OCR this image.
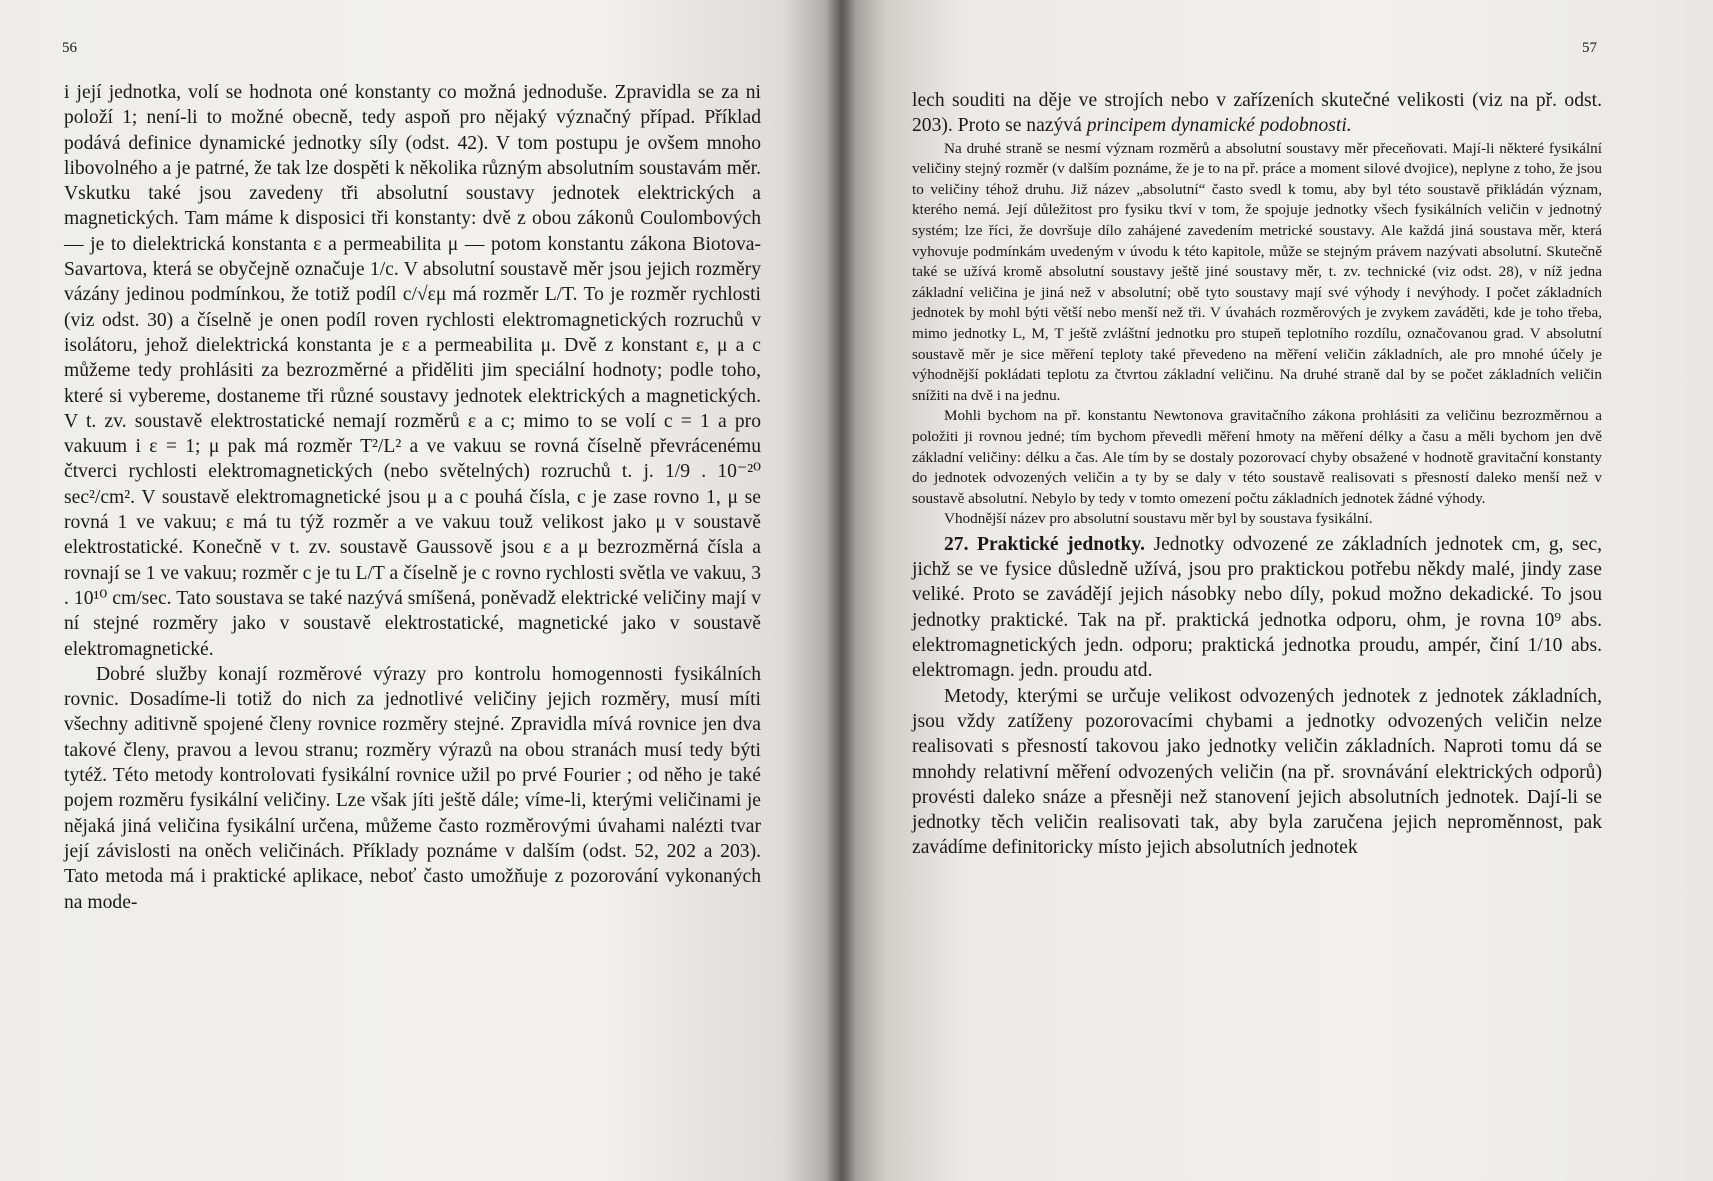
56

i její jednotka, volí se hodnota oné konstanty co možná jednoduše. Zpravidla se za ni položí 1; není-li to možné obecně, tedy aspoň pro nějaký význačný případ. Příklad podává definice dynamické jednotky síly (odst. 42). V tom postupu je ovšem mnoho libovolného a je patrné, že tak lze dospěti k několika různým absolutním soustavám měr. Vskutku také jsou zavedeny tři absolutní soustavy jednotek elektrických a magnetických. Tam máme k disposici tři konstanty: dvě z obou zákonů Coulombových — je to dielektrická konstanta ε a permeabilita μ — potom konstantu zákona Biotova-Savartova, která se obyčejně označuje 1/c. V absolutní soustavě měr jsou jejich rozměry vázány jedinou podmínkou, že totiž podíl c/√εμ má rozměr L/T. To je rozměr rychlosti (viz odst. 30) a číselně je onen podíl roven rychlosti elektromagnetických rozruchů v isolátoru, jehož dielektrická konstanta je ε a permeabilita μ. Dvě z konstant ε, μ a c můžeme tedy prohlásiti za bezrozměrné a přiděliti jim speciální hodnoty; podle toho, které si vybereme, dostaneme tři různé soustavy jednotek elektrických a magnetických. V t. zv. soustavě elektrostatické nemají rozměrů ε a c; mimo to se volí c = 1 a pro vakuum i ε = 1; μ pak má rozměr T²/L² a ve vakuu se rovná číselně převrácenému čtverci rychlosti elektromagnetických (nebo světelných) rozruchů t. j. 1/9 . 10⁻²⁰ sec²/cm². V soustavě elektromagnetické jsou μ a c pouhá čísla, c je zase rovno 1, μ se rovná 1 ve vakuu; ε má tu týž rozměr a ve vakuu touž velikost jako μ v soustavě elektrostatické. Konečně v t. zv. soustavě Gaussově jsou ε a μ bezrozměrná čísla a rovnají se 1 ve vakuu; rozměr c je tu L/T a číselně je c rovno rychlosti světla ve vakuu, 3 . 10¹⁰ cm/sec. Tato soustava se také nazývá smíšená, poněvadž elektrické veličiny mají v ní stejné rozměry jako v soustavě elektrostatické, magnetické jako v soustavě elektromagnetické.

Dobré služby konají rozměrové výrazy pro kontrolu homogennosti fysikálních rovnic. Dosadíme-li totiž do nich za jednotlivé veličiny jejich rozměry, musí míti všechny aditivně spojené členy rovnice rozměry stejné. Zpravidla mívá rovnice jen dva takové členy, pravou a levou stranu; rozměry výrazů na obou stranách musí tedy býti tytéž. Této metody kontrolovati fysikální rovnice užil po prvé Fourier ; od něho je také pojem rozměru fysikální veličiny. Lze však jíti ještě dále; víme-li, kterými veličinami je nějaká jiná veličina fysikální určena, můžeme často rozměrovými úvahami nalézti tvar její závislosti na oněch veličinách. Příklady poznáme v dalším (odst. 52, 202 a 203). Tato metoda má i praktické aplikace, neboť často umožňuje z pozorování vykonaných na mode-

57

lech souditi na děje ve strojích nebo v zařízeních skutečné velikosti (viz na př. odst. 203). Proto se nazývá principem dynamické podobnosti.

Na druhé straně se nesmí význam rozměrů a absolutní soustavy měr přeceňovati. Mají-li některé fysikální veličiny stejný rozměr (v dalším poznáme, že je to na př. práce a moment silové dvojice), neplyne z toho, že jsou to veličiny téhož druhu. Již název „absolutní“ často svedl k tomu, aby byl této soustavě přikládán význam, kterého nemá. Její důležitost pro fysiku tkví v tom, že spojuje jednotky všech fysikálních veličin v jednotný systém; lze říci, že dovršuje dílo zahájené zavedením metrické soustavy. Ale každá jiná soustava měr, která vyhovuje podmínkám uvedeným v úvodu k této kapitole, může se stejným právem nazývati absolutní. Skutečně také se užívá kromě absolutní soustavy ještě jiné soustavy měr, t. zv. technické (viz odst. 28), v níž jedna základní veličina je jiná než v absolutní; obě tyto soustavy mají své výhody i nevýhody. I počet základních jednotek by mohl býti větší nebo menší než tři. V úvahách rozměrových je zvykem zaváděti, kde je toho třeba, mimo jednotky L, M, T ještě zvláštní jednotku pro stupeň teplotního rozdílu, označovanou grad. V absolutní soustavě měr je sice měření teploty také převedeno na měření veličin základních, ale pro mnohé účely je výhodnější pokládati teplotu za čtvrtou základní veličinu. Na druhé straně dal by se počet základních veličin snížiti na dvě i na jednu.

Mohli bychom na př. konstantu Newtonova gravitačního zákona prohlásiti za veličinu bezrozměrnou a položiti ji rovnou jedné; tím bychom převedli měření hmoty na měření délky a času a měli bychom jen dvě základní veličiny: délku a čas. Ale tím by se dostaly pozorovací chyby obsažené v hodnotě gravitační konstanty do jednotek odvozených veličin a ty by se daly v této soustavě realisovati s přesností daleko menší než v soustavě absolutní. Nebylo by tedy v tomto omezení počtu základních jednotek žádné výhody.

Vhodnější název pro absolutní soustavu měr byl by soustava fysikální.

27. Praktické jednotky. Jednotky odvozené ze základních jednotek cm, g, sec, jichž se ve fysice důsledně užívá, jsou pro praktickou potřebu někdy malé, jindy zase veliké. Proto se zavádějí jejich násobky nebo díly, pokud možno dekadické. To jsou jednotky praktické. Tak na př. praktická jednotka odporu, ohm, je rovna 10⁹ abs. elektromagnetických jedn. odporu; praktická jednotka proudu, ampér, činí 1/10 abs. elektromagn. jedn. proudu atd.

Metody, kterými se určuje velikost odvozených jednotek z jednotek základních, jsou vždy zatíženy pozorovacími chybami a jednotky odvozených veličin nelze realisovati s přesností takovou jako jednotky veličin základních. Naproti tomu dá se mnohdy relativní měření odvozených veličin (na př. srovnávání elektrických odporů) provésti daleko snáze a přesněji než stanovení jejich absolutních jednotek. Dají-li se jednotky těch veličin realisovati tak, aby byla zaručena jejich neproměnnost, pak zavádíme definitoricky místo jejich absolutních jednotek
